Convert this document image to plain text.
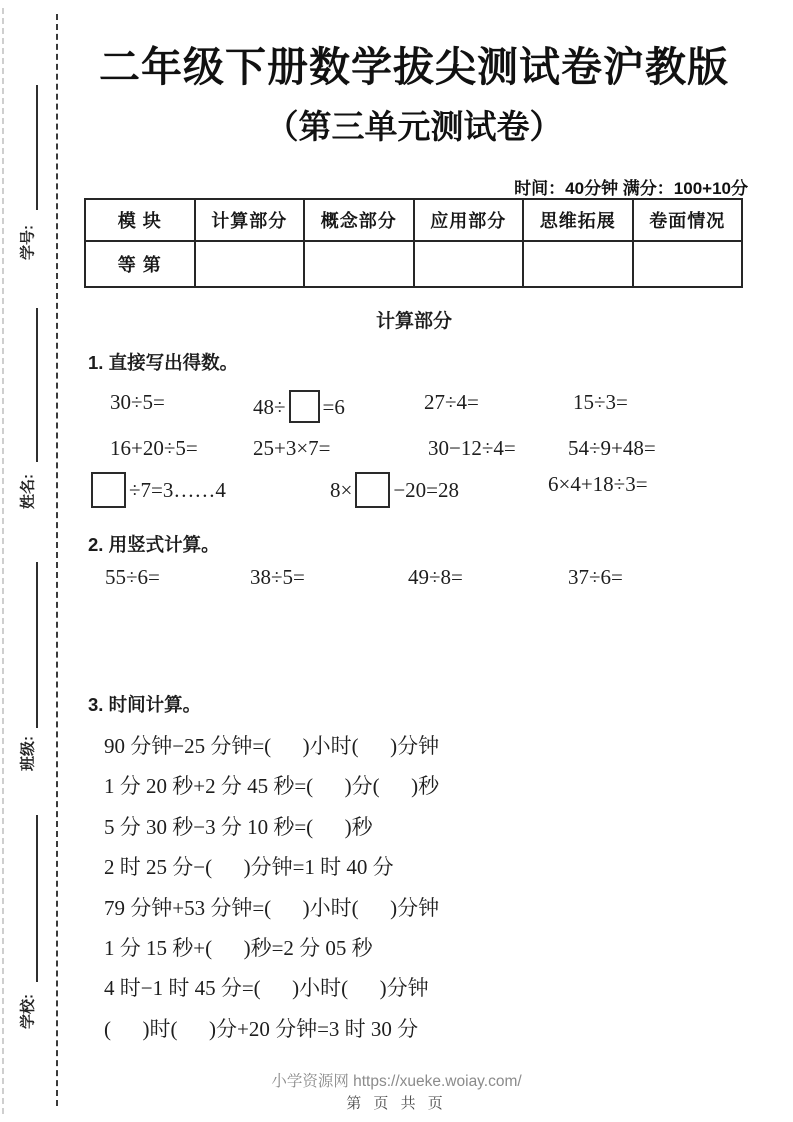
学号:
姓名:
班级:
学校:
二年级下册数学拔尖测试卷沪教版
（第三单元测试卷）
时间：40分钟 满分：100+10分
模 块	计算部分	概念部分	应用部分	思维拓展	卷面情况
等 第					
计算部分
1. 直接写出得数。
30÷5=	48÷ =6	27÷4=	15÷3=
16+20÷5=	25+3×7=	30−12÷4= 54÷9+48=
÷7=3……4	8× −20=28	6×4+18÷3=
2. 用竖式计算。
55÷6=	38÷5=	49÷8=	37÷6=
3. 时间计算。
90 分钟−25 分钟=(      )小时(      )分钟
1 分 20 秒+2 分 45 秒=(      )分(      )秒
5 分 30 秒−3 分 10 秒=(      )秒
2 时 25 分−(      )分钟=1 时 40 分
79 分钟+53 分钟=(      )小时(      )分钟
1 分 15 秒+(      )秒=2 分 05 秒
4 时−1 时 45 分=(      )小时(      )分钟
(      )时(      )分+20 分钟=3 时 30 分
小学资源网 https://xueke.woiay.com/
第 页 共 页
